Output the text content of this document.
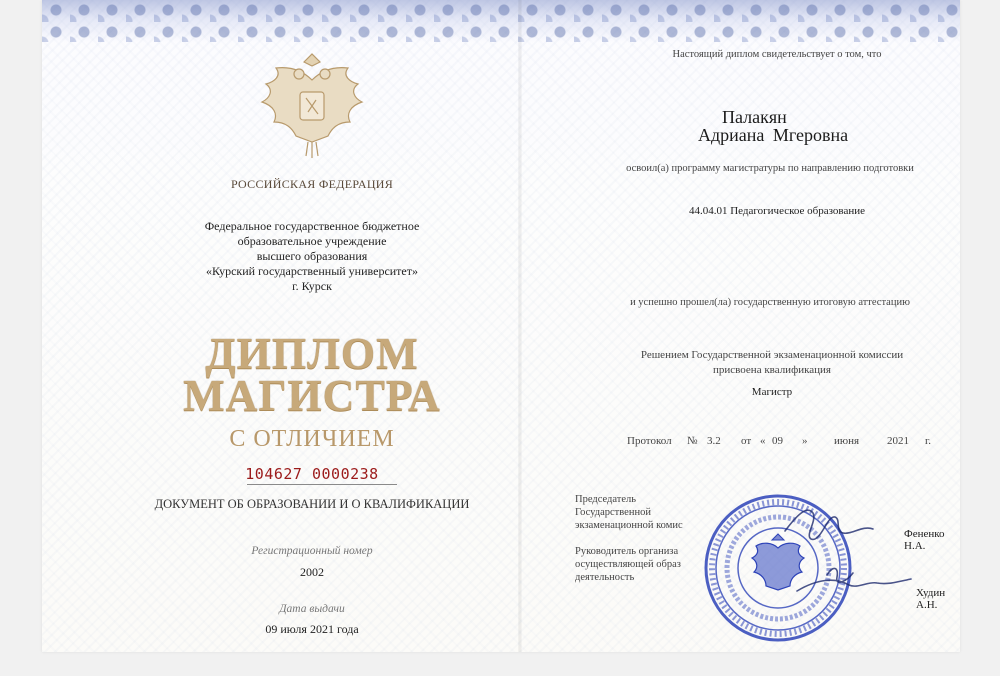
РОССИЙСКАЯ ФЕДЕРАЦИЯ
Федеральное государственное бюджетное
образовательное учреждение
высшего образования
«Курский государственный университет»
г. Курск
ДИПЛОМ
МАГИСТРА
С ОТЛИЧИЕМ
104627 0000238
ДОКУМЕНТ ОБ ОБРАЗОВАНИИ И О КВАЛИФИКАЦИИ
Регистрационный номер
2002
Дата выдачи
09 июля 2021 года
Настоящий диплом свидетельствует о том, что
Палакян
Адриана Мгеровна
освоил(а) программу магистратуры по направлению подготовки
44.04.01 Педагогическое образование
и успешно прошел(ла) государственную итоговую аттестацию
Решением Государственной экзаменационной комиссии
присвоена квалификация
Магистр
Протокол № 3.2 от « 09 » июня	2021 г.
Председатель
Государственной
экзаменационной комис
Руководитель организа
осуществляющей образ
деятельность
Фененко Н.А.
Худин А.Н.
